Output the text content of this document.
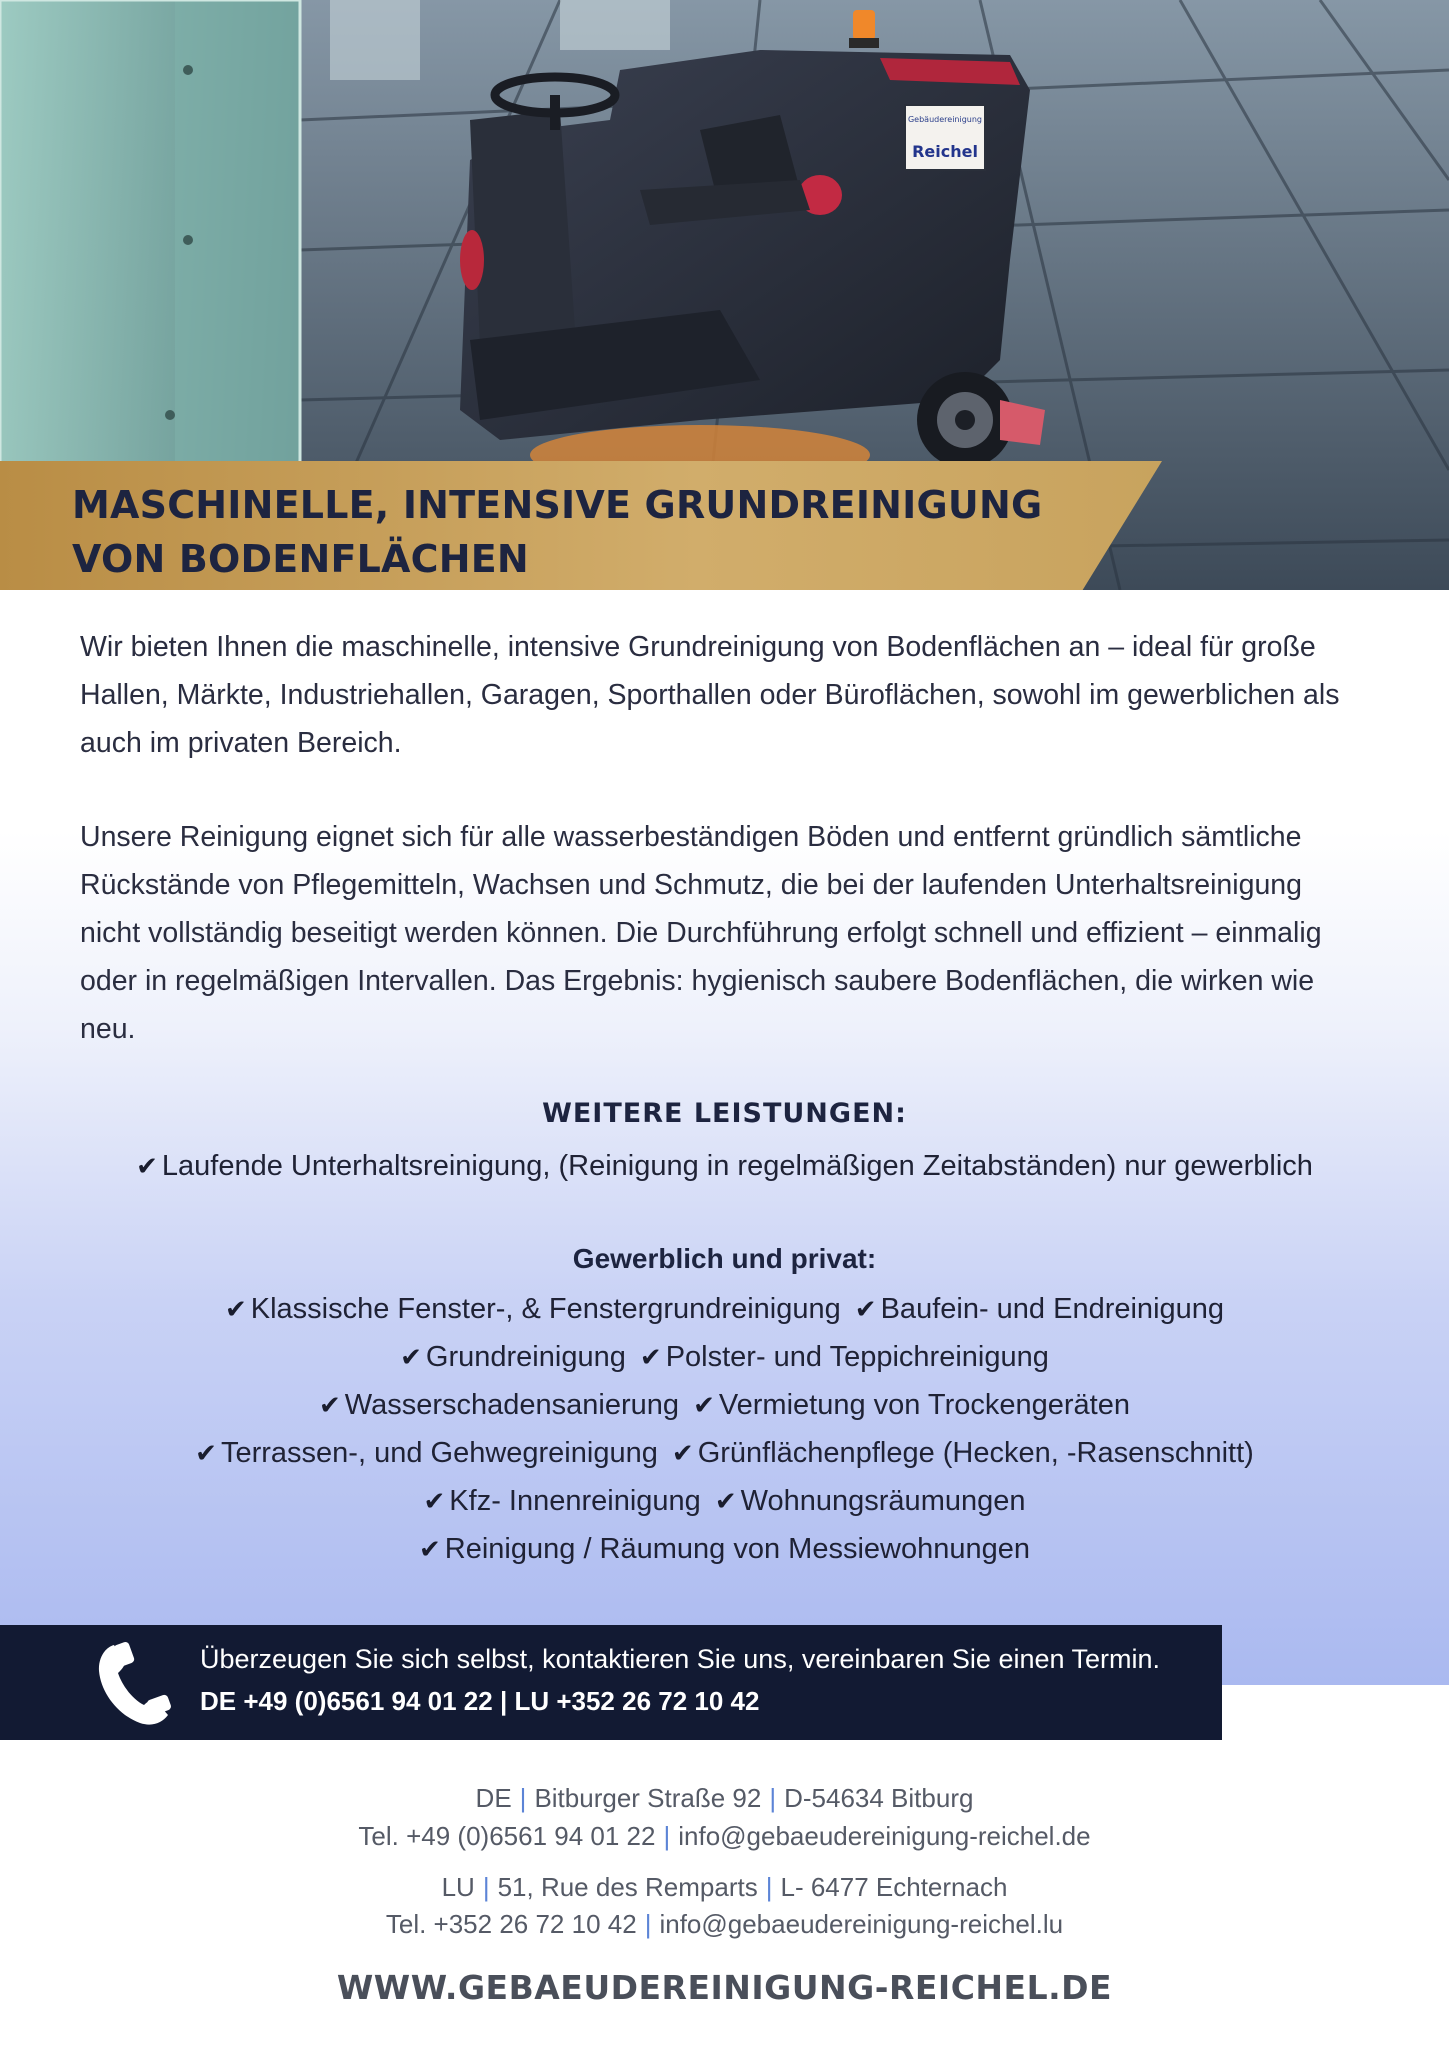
Gebäudereinigung
Reichel
MASCHINELLE, INTENSIVE GRUNDREINIGUNG
VON BODENFLÄCHEN

Wir bieten Ihnen die maschinelle, intensive Grundreinigung von Bodenflächen an – ideal für große Hallen, Märkte, Industriehallen, Garagen, Sporthallen oder Büroflächen, sowohl im gewerblichen als auch im privaten Bereich.

Unsere Reinigung eignet sich für alle wasserbeständigen Böden und entfernt gründlich sämtliche Rückstände von Pflegemitteln, Wachsen und Schmutz, die bei der laufenden Unterhaltsreinigung nicht vollständig beseitigt werden können. Die Durchführung erfolgt schnell und effizient – einmalig oder in regelmäßigen Intervallen. Das Ergebnis: hygienisch saubere Bodenflächen, die wirken wie neu.

WEITERE LEISTUNGEN:

✔ Laufende Unterhaltsreinigung, (Reinigung in regelmäßigen Zeitabständen) nur gewerblich

Gewerblich und privat:

✔ Klassische Fenster-, & Fenstergrundreinigung ✔ Baufein- und Endreinigung

✔ Grundreinigung ✔ Polster- und Teppichreinigung

✔ Wasserschadensanierung ✔ Vermietung von Trockengeräten

✔ Terrassen-, und Gehwegreinigung ✔ Grünflächenpflege (Hecken, -Rasenschnitt)

✔ Kfz- Innenreinigung ✔ Wohnungsräumungen

✔ Reinigung / Räumung von Messiewohnungen

Überzeugen Sie sich selbst, kontaktieren Sie uns, vereinbaren Sie einen Termin.

DE +49 (0)6561 94 01 22 | LU +352 26 72 10 42

DE | Bitburger Straße 92 | D-54634 Bitburg

Tel. +49 (0)6561 94 01 22 | info@gebaeudereinigung-reichel.de

LU | 51, Rue des Remparts | L- 6477 Echternach

Tel. +352 26 72 10 42 | info@gebaeudereinigung-reichel.lu

WWW.GEBAEUDEREINIGUNG-REICHEL.DE
